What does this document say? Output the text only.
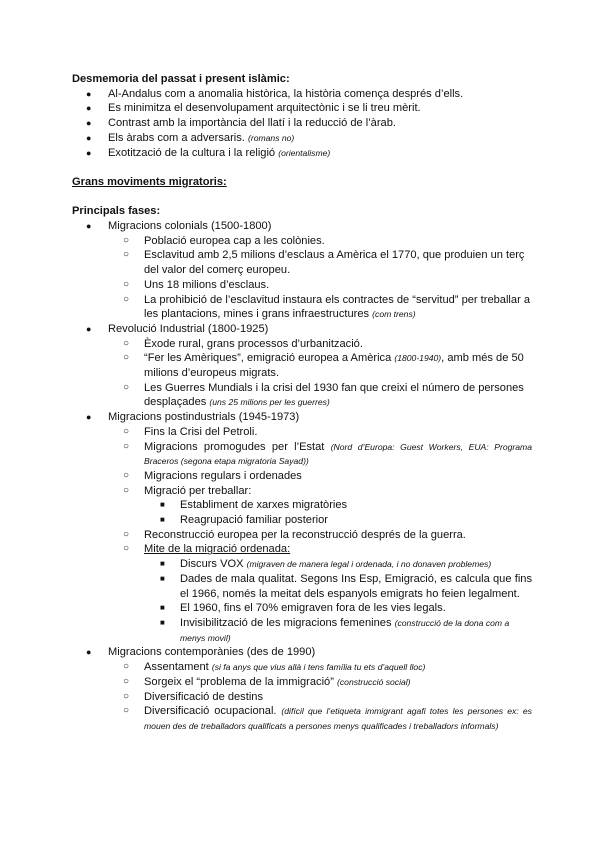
Desmemoria del passat i present islàmic:

● Al-Andalus com a anomalia històrica, la història comença després d’ells.
● Es minimitza el desenvolupament arquitectònic i se li treu mèrit.
● Contrast amb la importància del llatí i la reducció de l’àrab.
● Els àrabs com a adversaris. (romans no)
● Exotització de la cultura i la religió (orientalisme)

Grans moviments migratoris:

Principals fases:

● Migracions colonials (1500-1800)
○ Població europea cap a les colònies.
○ Esclavitud amb 2,5 milions d’esclaus a Amèrica el 1770, que produien un terç del valor del comerç europeu.
○ Uns 18 milions d’esclaus.
○ La prohibició de l’esclavitud instaura els contractes de “servitud” per treballar a les plantacions, mines i grans infraestructures (com trens)
● Revolució Industrial (1800-1925)
○ Èxode rural, grans processos d’urbanització.
○ “Fer les Amèriques”, emigració europea a Amèrica (1800-1940), amb més de 50 milions d’europeus migrats.
○ Les Guerres Mundials i la crisi del 1930 fan que creixi el número de persones desplaçades (uns 25 milions per les guerres)
● Migracions postindustrials (1945-1973)
○ Fins la Crisi del Petroli.
○ Migracions promogudes per l’Estat (Nord d’Europa: Guest Workers, EUA: Programa Braceros (segona etapa migratoria Sayad))
○ Migracions regulars i ordenades
○ Migració per treballar:
■ Establiment de xarxes migratòries
■ Reagrupació familiar posterior
○ Reconstrucció europea per la reconstrucció després de la guerra.
○ Mite de la migració ordenada:
■ Discurs VOX (migraven de manera legal i ordenada, i no donaven problemes)
■ Dades de mala qualitat. Segons Ins Esp, Emigració, es calcula que fins el 1966, només la meitat dels espanyols emigrats ho feien legalment.
■ El 1960, fins el 70% emigraven fora de les vies legals.
■ Invisibilització de les migracions femenines (construcció de la dona com a menys movil)
● Migracions contemporànies (des de 1990)
○ Assentament (si fa anys que vius allà i tens família tu ets d’aquell lloc)
○ Sorgeix el “problema de la immigració” (construcció social)
○ Diversificació de destins
○ Diversificació ocupacional. (difícil que l’etiqueta immigrant agafi totes les persones ex: es mouen des de treballadors qualificats a persones menys qualificades i treballadors informals)
